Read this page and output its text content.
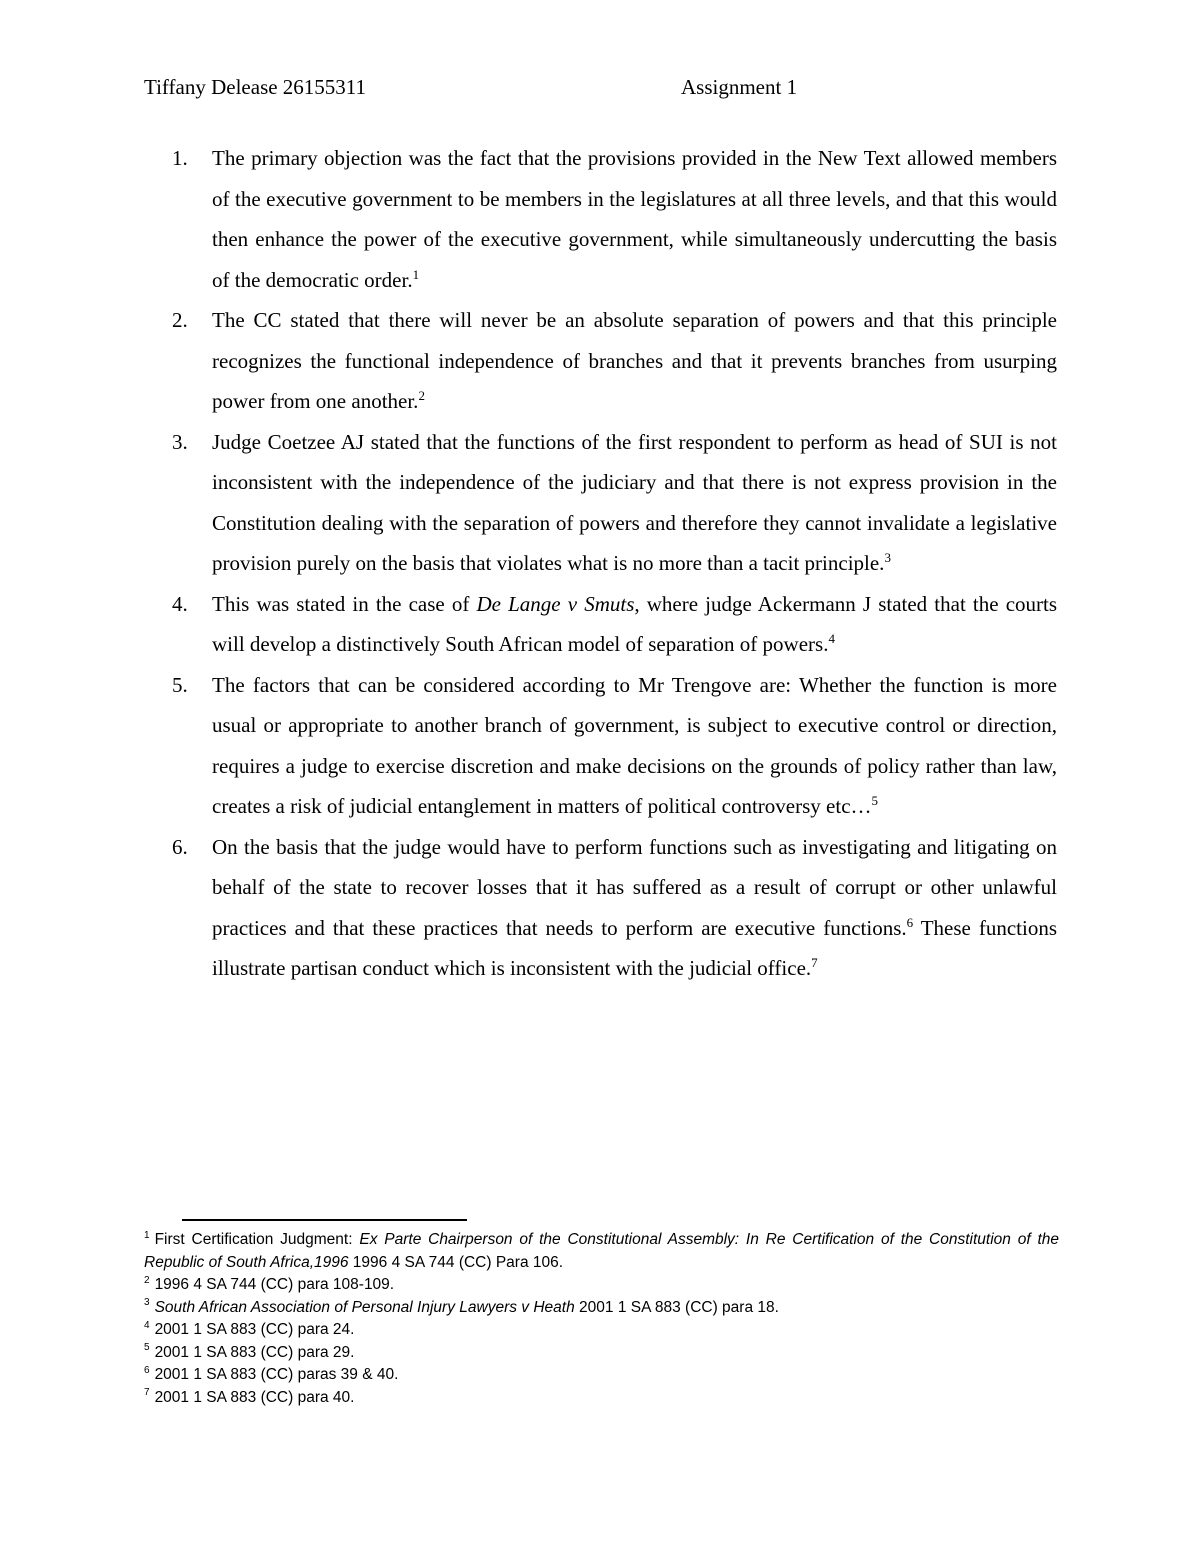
Tiffany Delease 26155311	Assignment 1
1. The primary objection was the fact that the provisions provided in the New Text allowed members of the executive government to be members in the legislatures at all three levels, and that this would then enhance the power of the executive government, while simultaneously undercutting the basis of the democratic order.$^1$
2. The CC stated that there will never be an absolute separation of powers and that this principle recognizes the functional independence of branches and that it prevents branches from usurping power from one another.$^2$
3. Judge Coetzee AJ stated that the functions of the first respondent to perform as head of SUI is not inconsistent with the independence of the judiciary and that there is not express provision in the Constitution dealing with the separation of powers and therefore they cannot invalidate a legislative provision purely on the basis that violates what is no more than a tacit principle.$^3$
4. This was stated in the case of De Lange v Smuts, where judge Ackermann J stated that the courts will develop a distinctively South African model of separation of powers.$^4$
5. The factors that can be considered according to Mr Trengove are: Whether the function is more usual or appropriate to another branch of government, is subject to executive control or direction, requires a judge to exercise discretion and make decisions on the grounds of policy rather than law, creates a risk of judicial entanglement in matters of political controversy etc…$^5$
6. On the basis that the judge would have to perform functions such as investigating and litigating on behalf of the state to recover losses that it has suffered as a result of corrupt or other unlawful practices and that these practices that needs to perform are executive functions.$^6$ These functions illustrate partisan conduct which is inconsistent with the judicial office.$^7$
$^1$ First Certification Judgment: Ex Parte Chairperson of the Constitutional Assembly: In Re Certification of the Constitution of the Republic of South Africa,1996 1996 4 SA 744 (CC) Para 106.
$^2$ 1996 4 SA 744 (CC) para 108-109.
$^3$ South African Association of Personal Injury Lawyers v Heath 2001 1 SA 883 (CC) para 18.
$^4$ 2001 1 SA 883 (CC) para 24.
$^5$ 2001 1 SA 883 (CC) para 29.
$^6$ 2001 1 SA 883 (CC) paras 39 & 40.
$^7$ 2001 1 SA 883 (CC) para 40.
